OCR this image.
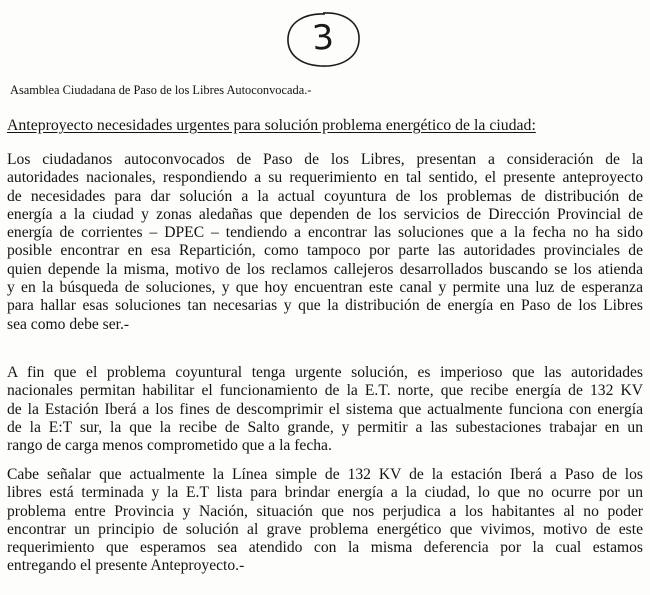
3
Asamblea Ciudadana de Paso de los Libres Autoconvocada.-
Anteproyecto necesidades urgentes para solución problema energético de la ciudad:
Los ciudadanos autoconvocados de Paso de los Libres, presentan a consideración de la
autoridades nacionales, respondiendo a su requerimiento en tal sentido, el presente anteproyecto
de necesidades para dar solución a la actual coyuntura de los problemas de distribución de
energía a la ciudad y zonas aledañas que dependen de los servicios de Dirección Provincial de
energía de corrientes – DPEC – tendiendo a encontrar las soluciones que a la fecha no ha sido
posible encontrar en esa Repartición, como tampoco por parte las autoridades provinciales de
quien depende la misma, motivo de los reclamos callejeros desarrollados buscando se los atienda
y en la búsqueda de soluciones, y que hoy encuentran este canal y permite una luz de esperanza
para hallar esas soluciones tan necesarias y que la distribución de energía en Paso de los Libres
sea como debe ser.-
A fin que el problema coyuntural tenga urgente solución, es imperioso que las autoridades
nacionales permitan habilitar el funcionamiento de la E.T. norte, que recibe energía de 132 KV
de la Estación Iberá a los fines de descomprimir el sistema que actualmente funciona con energía
de la E:T sur, la que la recibe de Salto grande, y permitir a las subestaciones trabajar en un
rango de carga menos comprometido que a la fecha.
Cabe señalar que actualmente la Línea simple de 132 KV de la estación Iberá a Paso de los
libres está terminada y la E.T lista para brindar energía a la ciudad, lo que no ocurre por un
problema entre Provincia y Nación, situación que nos perjudica a los habitantes al no poder
encontrar un principio de solución al grave problema energético que vivimos, motivo de este
requerimiento que esperamos sea atendido con la misma deferencia por la cual estamos
entregando el presente Anteproyecto.-
